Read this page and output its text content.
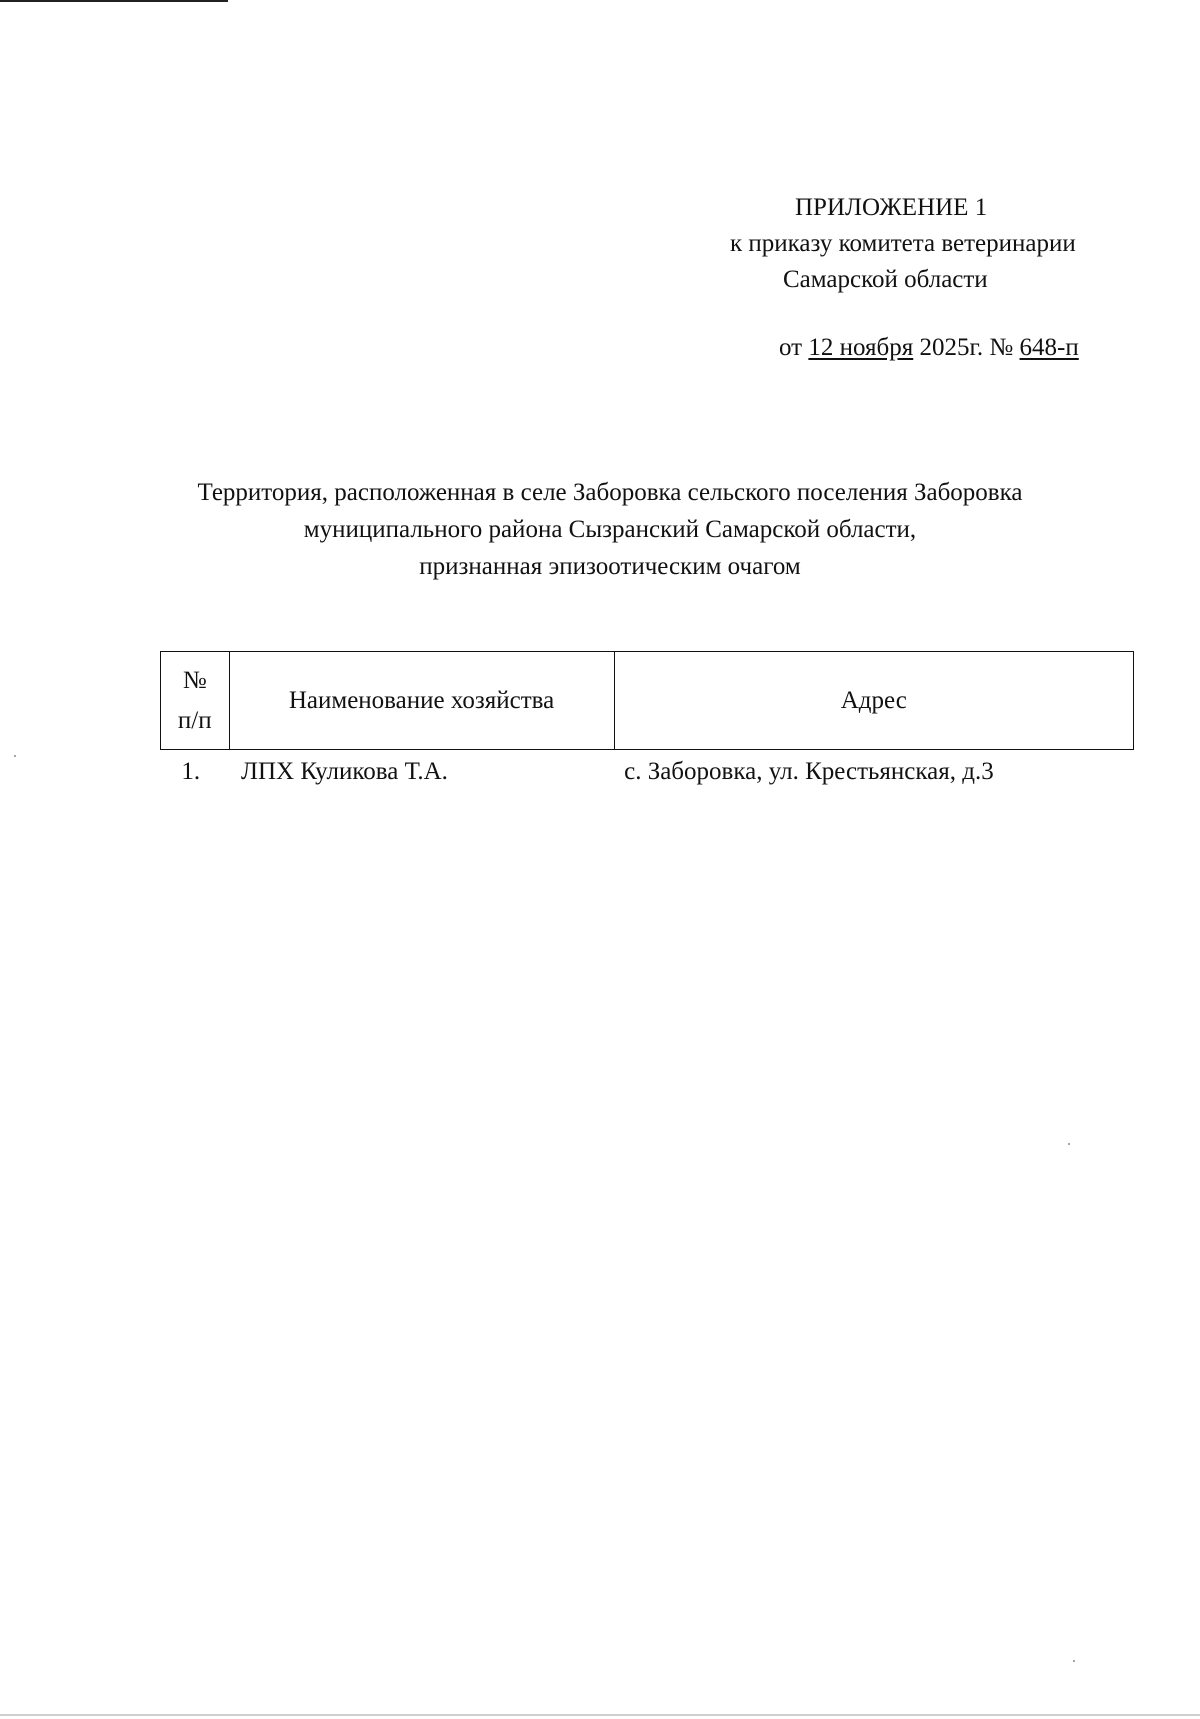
ПРИЛОЖЕНИЕ 1
к приказу комитета ветеринарии
Самарской области
от 12 ноября 2025г. № 648-п
Территория, расположенная в селе Заборовка сельского поселения Заборовка
муниципального района Сызранский Самарской области,
признанная эпизоотическим очагом
№
п/п	Наименование хозяйства	Адрес
1.	ЛПХ Куликова Т.А.	с. Заборовка, ул. Крестьянская, д.3
